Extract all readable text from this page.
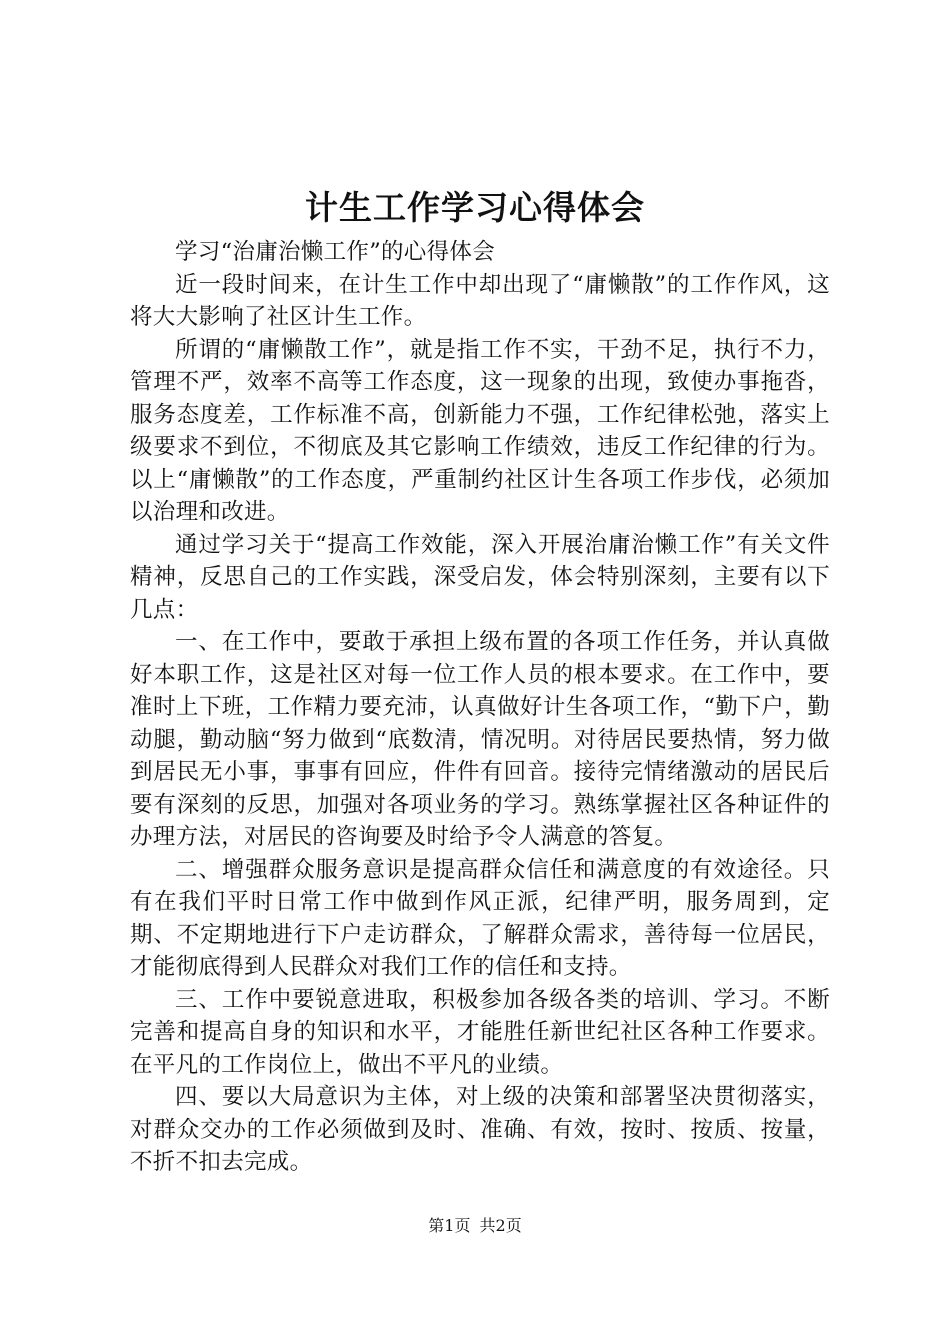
计生工作学习心得体会

学习“治庸治懒工作”的心得体会

近一段时间来，在计生工作中却出现了“庸懒散”的工作作风，这将大大影响了社区计生工作。

所谓的“庸懒散工作”，就是指工作不实，干劲不足，执行不力，管理不严，效率不高等工作态度，这一现象的出现，致使办事拖沓，服务态度差，工作标准不高，创新能力不强，工作纪律松弛，落实上级要求不到位，不彻底及其它影响工作绩效，违反工作纪律的行为。以上“庸懒散”的工作态度，严重制约社区计生各项工作步伐，必须加以治理和改进。

通过学习关于“提高工作效能，深入开展治庸治懒工作”有关文件精神，反思自己的工作实践，深受启发，体会特别深刻，主要有以下几点：

一、在工作中，要敢于承担上级布置的各项工作任务，并认真做好本职工作，这是社区对每一位工作人员的根本要求。在工作中，要准时上下班，工作精力要充沛，认真做好计生各项工作，“勤下户，勤动腿，勤动脑“努力做到“底数清，情况明。对待居民要热情，努力做到居民无小事，事事有回应，件件有回音。接待完情绪激动的居民后要有深刻的反思，加强对各项业务的学习。熟练掌握社区各种证件的办理方法，对居民的咨询要及时给予令人满意的答复。

二、增强群众服务意识是提高群众信任和满意度的有效途径。只有在我们平时日常工作中做到作风正派，纪律严明，服务周到，定期、不定期地进行下户走访群众，了解群众需求，善待每一位居民，才能彻底得到人民群众对我们工作的信任和支持。

三、工作中要锐意进取，积极参加各级各类的培训、学习。不断完善和提高自身的知识和水平，才能胜任新世纪社区各种工作要求。在平凡的工作岗位上，做出不平凡的业绩。

四、要以大局意识为主体，对上级的决策和部署坚决贯彻落实，对群众交办的工作必须做到及时、准确、有效，按时、按质、按量，不折不扣去完成。

第1页 共2页
